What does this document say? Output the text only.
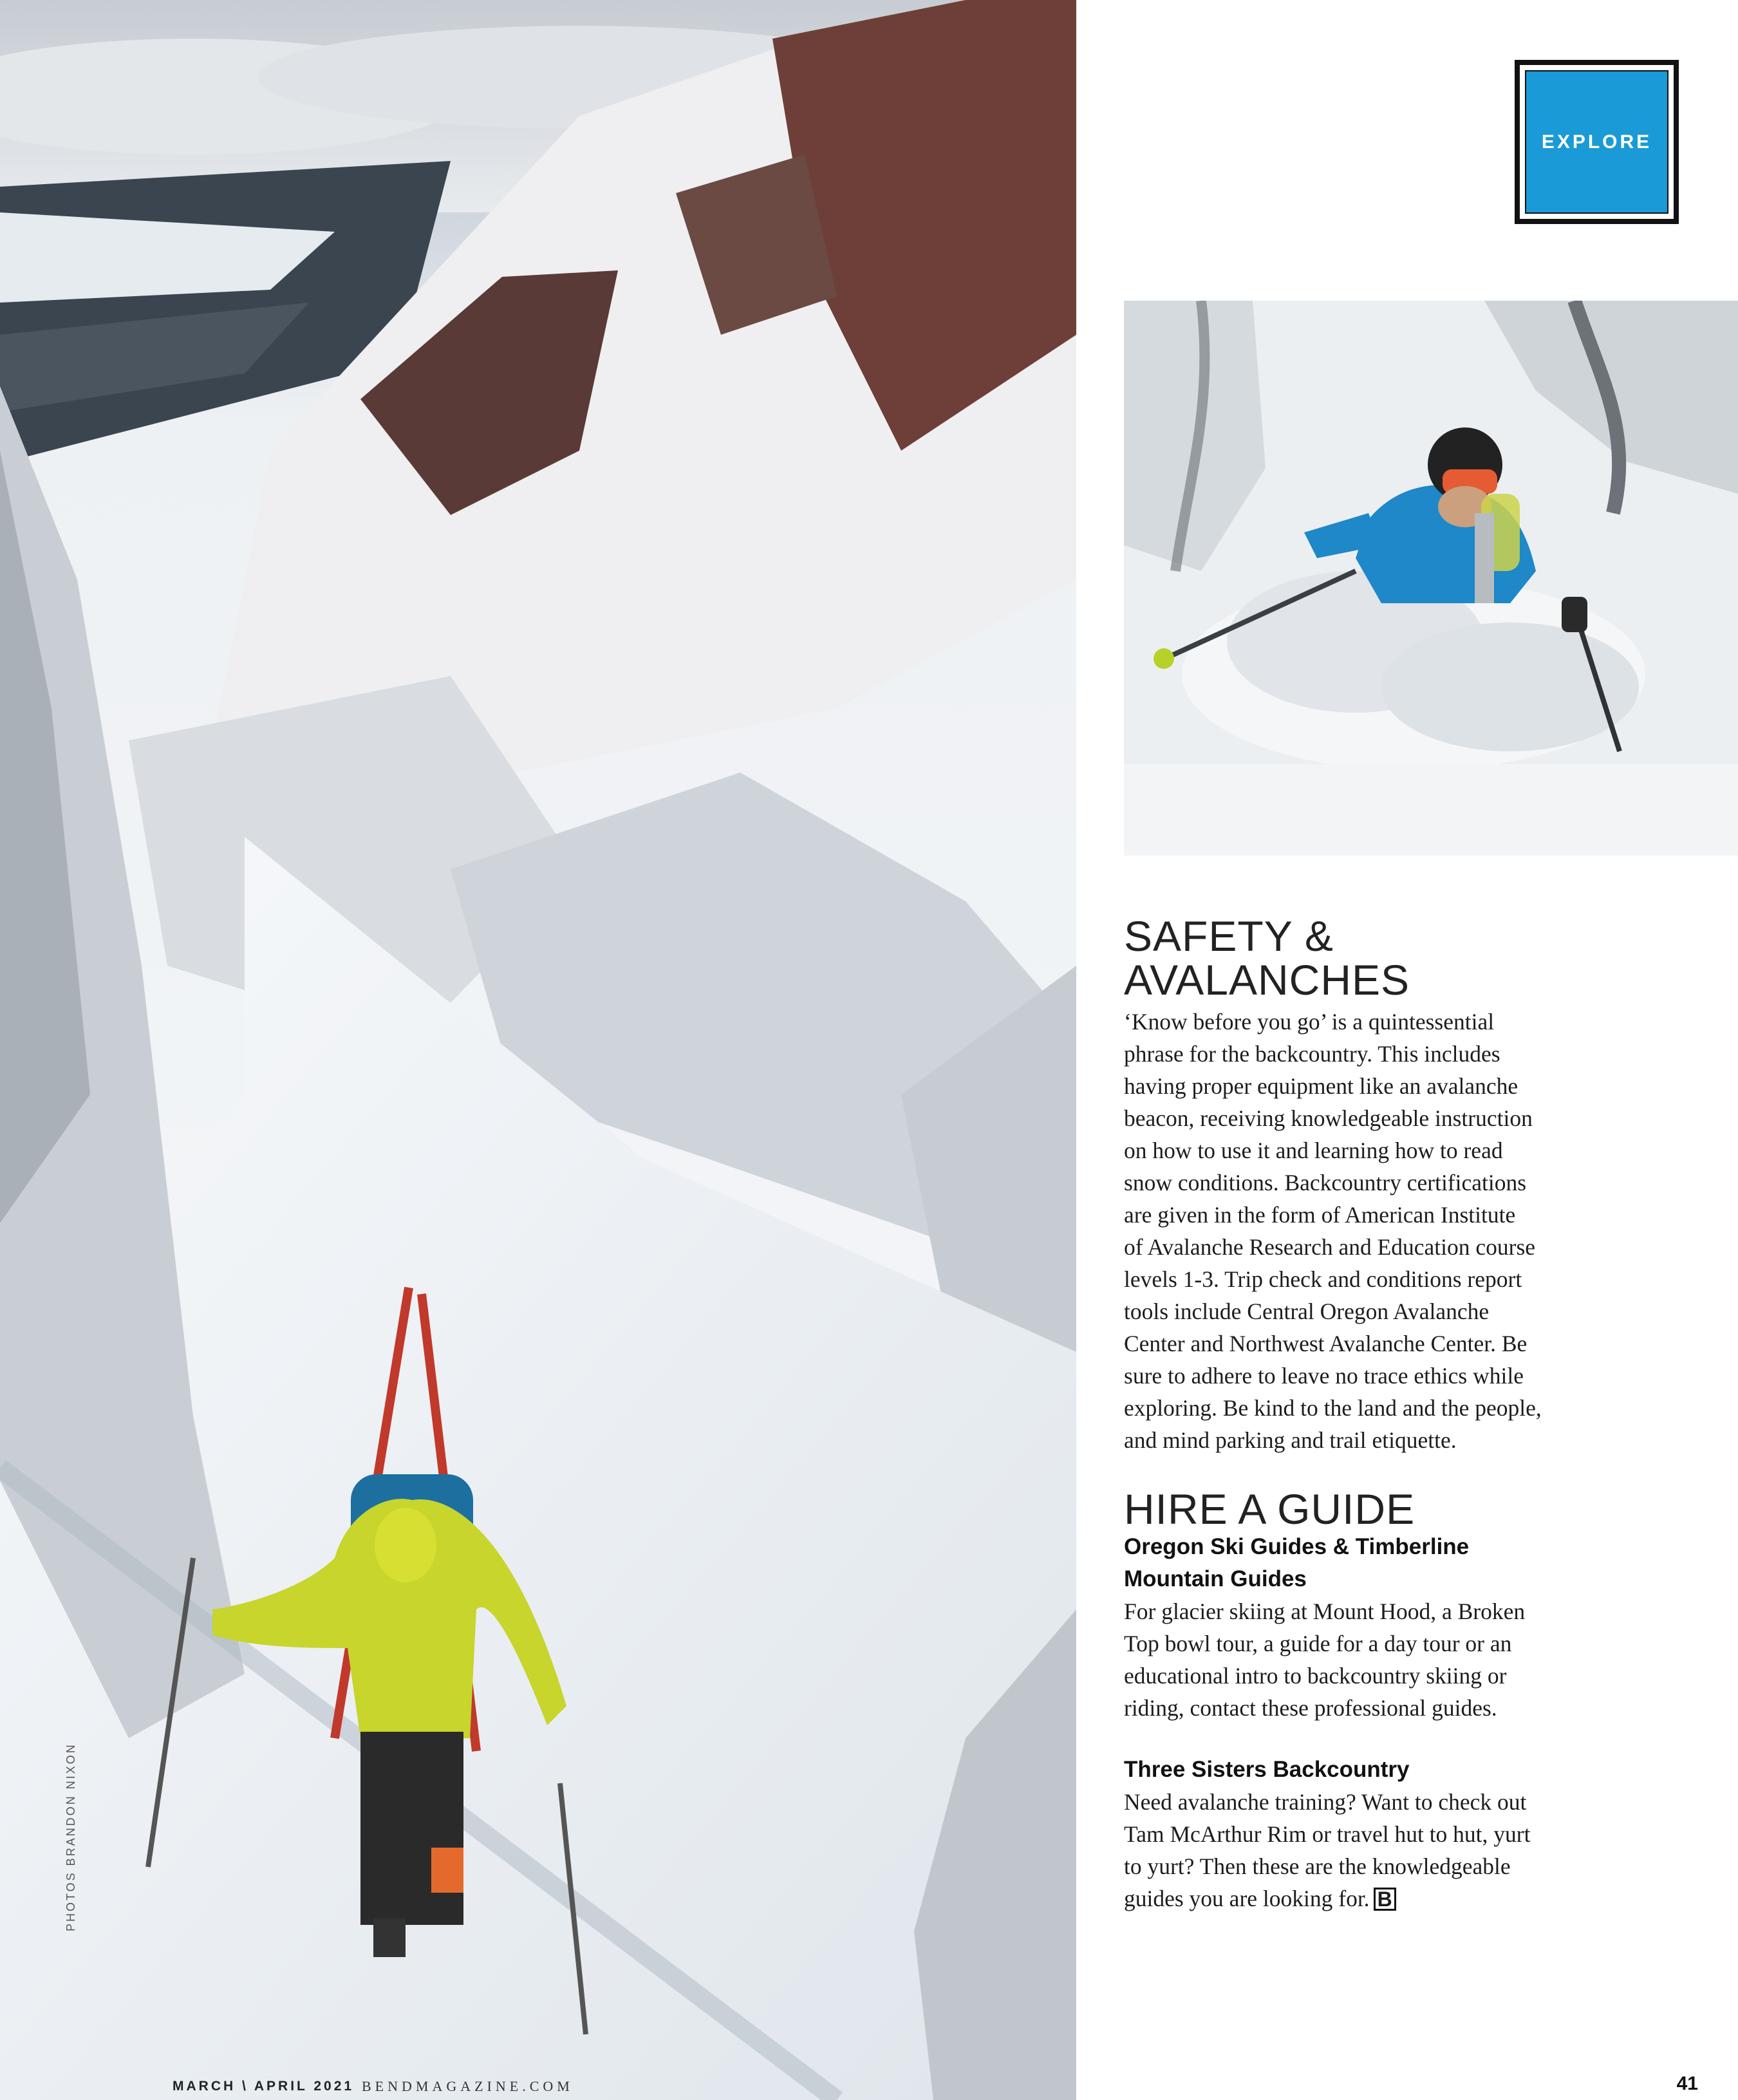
PHOTOS BRANDON NIXON
EXPLORE
SAFETY &
AVALANCHES
‘Know before you go’ is a quintessential
phrase for the backcountry. This includes
having proper equipment like an avalanche
beacon, receiving knowledgeable instruction
on how to use it and learning how to read
snow conditions. Backcountry certifications
are given in the form of American Institute
of Avalanche Research and Education course
levels 1-3. Trip check and conditions report
tools include Central Oregon Avalanche
Center and Northwest Avalanche Center. Be
sure to adhere to leave no trace ethics while
exploring. Be kind to the land and the people,
and mind parking and trail etiquette.
HIRE A GUIDE
Oregon Ski Guides & Timberline
Mountain Guides
For glacier skiing at Mount Hood, a Broken
Top bowl tour, a guide for a day tour or an
educational intro to backcountry skiing or
riding, contact these professional guides.
Three Sisters Backcountry
Need avalanche training? Want to check out
Tam McArthur Rim or travel hut to hut, yurt
to yurt? Then these are the knowledgeable
guides you are looking for. B
MARCH \ APRIL 2021 BENDMAGAZINE.COM	41
